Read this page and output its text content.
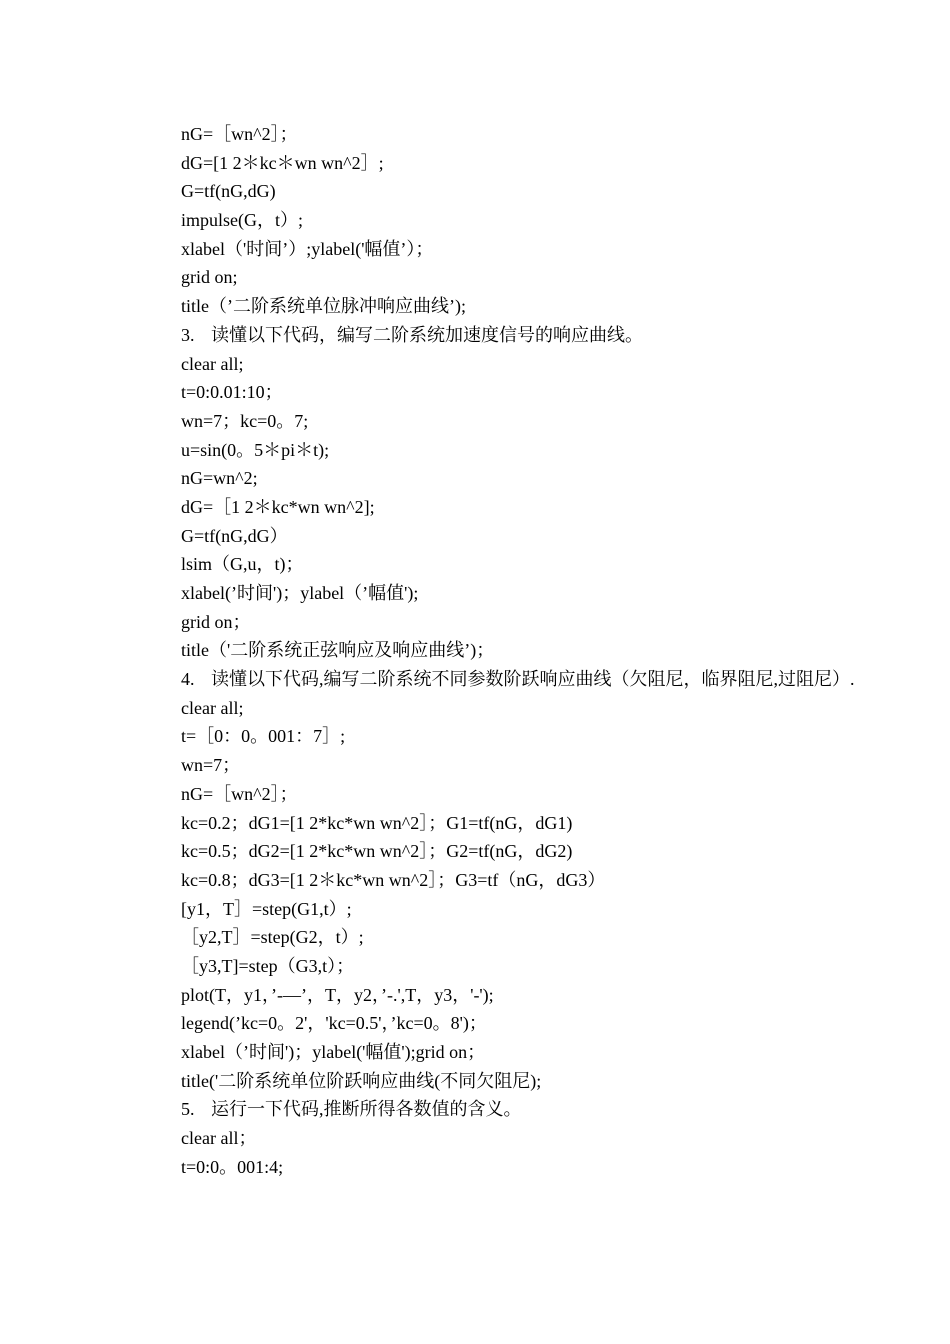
nG=［wn^2］；
dG=[1 2＊kc＊wn wn^2］;
G=tf(nG,dG)
impulse(G，t）;
xlabel（'时间’）;ylabel('幅值’）；
grid on;
title（’二阶系统单位脉冲响应曲线’);
3. 读懂以下代码，编写二阶系统加速度信号的响应曲线。
clear all;
t=0:0.01:10；
wn=7；kc=0。7;
u=sin(0。5＊pi＊t);
nG=wn^2;
dG=［1 2＊kc*wn wn^2];
G=tf(nG,dG）
lsim（G,u，t)；
xlabel(’时间')；ylabel（’幅值');
grid on；
title（'二阶系统正弦响应及响应曲线’)；
4. 读懂以下代码,编写二阶系统不同参数阶跃响应曲线（欠阻尼，临界阻尼,过阻尼）.
clear all;
t=［0：0。001：7］;
wn=7；
nG=［wn^2］；
kc=0.2；dG1=[1 2*kc*wn wn^2］；G1=tf(nG，dG1)
kc=0.5；dG2=[1 2*kc*wn wn^2］；G2=tf(nG，dG2)
kc=0.8；dG3=[1 2＊kc*wn wn^2］；G3=tf（nG，dG3）
[y1，T］=step(G1,t）;
［y2,T］=step(G2，t）;
［y3,T]=step（G3,t）；
plot(T，y1，’-—’，T，y2，’-.',T，y3，'-');
legend(’kc=0。2'，'kc=0.5'，’kc=0。8')；
xlabel（’时间')；ylabel('幅值');grid on；
title('二阶系统单位阶跃响应曲线(不同欠阻尼);
5. 运行一下代码,推断所得各数值的含义。
clear all；
t=0:0。001:4;
